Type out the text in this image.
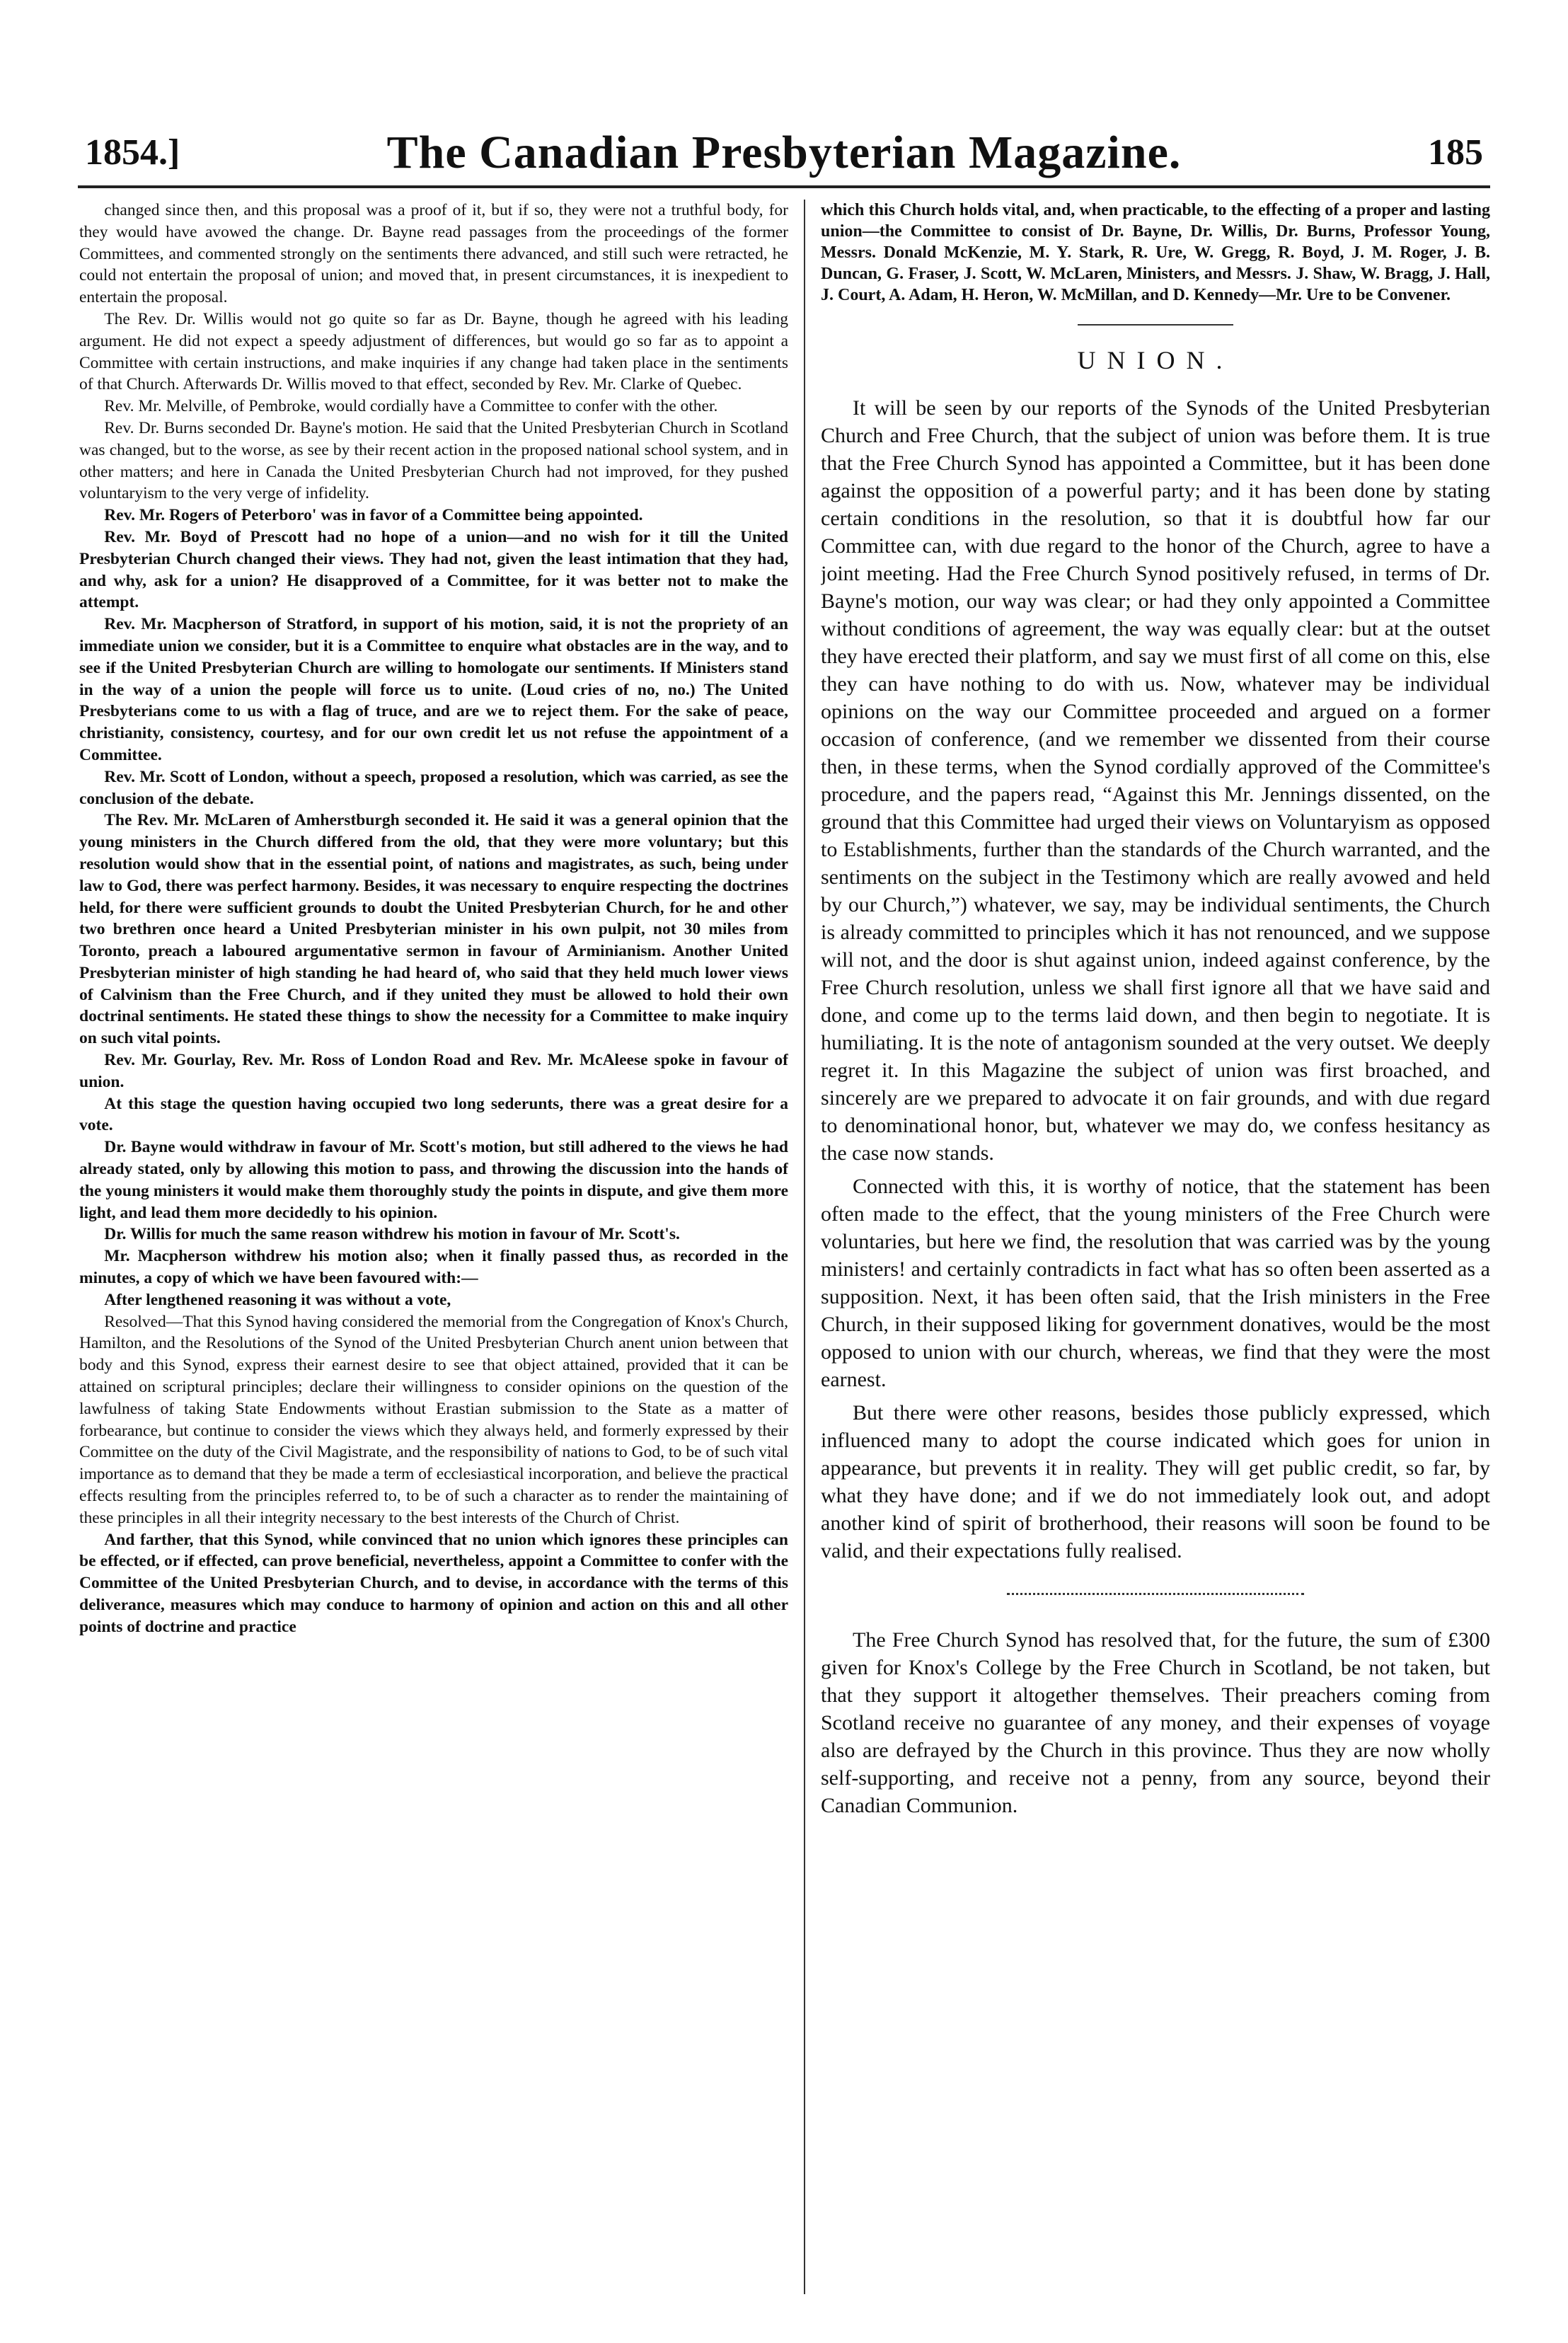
1854.]	The Canadian Presbyterian Magazine.	185

changed since then, and this proposal was a proof of it, but if so, they were not a truthful body, for they would have avowed the change. Dr. Bayne read passages from the proceedings of the former Committees, and commented strongly on the sentiments there advanced, and still such were retracted, he could not entertain the proposal of union; and moved that, in present circumstances, it is inexpedient to entertain the proposal.

The Rev. Dr. Willis would not go quite so far as Dr. Bayne, though he agreed with his leading argument. He did not expect a speedy adjustment of differences, but would go so far as to appoint a Committee with certain instructions, and make inquiries if any change had taken place in the sentiments of that Church. Afterwards Dr. Willis moved to that effect, seconded by Rev. Mr. Clarke of Quebec.

Rev. Mr. Melville, of Pembroke, would cordially have a Committee to confer with the other.

Rev. Dr. Burns seconded Dr. Bayne's motion. He said that the United Presbyterian Church in Scotland was changed, but to the worse, as see by their recent action in the proposed national school system, and in other matters; and here in Canada the United Presbyterian Church had not improved, for they pushed voluntaryism to the very verge of infidelity.

Rev. Mr. Rogers of Peterboro' was in favor of a Committee being appointed.

Rev. Mr. Boyd of Prescott had no hope of a union—and no wish for it till the United Presbyterian Church changed their views. They had not, given the least intimation that they had, and why, ask for a union? He disapproved of a Committee, for it was better not to make the attempt.

Rev. Mr. Macpherson of Stratford, in support of his motion, said, it is not the propriety of an immediate union we consider, but it is a Committee to enquire what obstacles are in the way, and to see if the United Presbyterian Church are willing to homologate our sentiments. If Ministers stand in the way of a union the people will force us to unite. (Loud cries of no, no.) The United Presbyterians come to us with a flag of truce, and are we to reject them. For the sake of peace, christianity, consistency, courtesy, and for our own credit let us not refuse the appointment of a Committee.

Rev. Mr. Scott of London, without a speech, proposed a resolution, which was carried, as see the conclusion of the debate.

The Rev. Mr. McLaren of Amherstburgh seconded it. He said it was a general opinion that the young ministers in the Church differed from the old, that they were more voluntary; but this resolution would show that in the essential point, of nations and magistrates, as such, being under law to God, there was perfect harmony. Besides, it was necessary to enquire respecting the doctrines held, for there were sufficient grounds to doubt the United Presbyterian Church, for he and other two brethren once heard a United Presbyterian minister in his own pulpit, not 30 miles from Toronto, preach a laboured argumentative sermon in favour of Arminianism. Another United Presbyterian minister of high standing he had heard of, who said that they held much lower views of Calvinism than the Free Church, and if they united they must be allowed to hold their own doctrinal sentiments. He stated these things to show the necessity for a Committee to make inquiry on such vital points.

Rev. Mr. Gourlay, Rev. Mr. Ross of London Road and Rev. Mr. McAleese spoke in favour of union.

At this stage the question having occupied two long sederunts, there was a great desire for a vote.

Dr. Bayne would withdraw in favour of Mr. Scott's motion, but still adhered to the views he had already stated, only by allowing this motion to pass, and throwing the discussion into the hands of the young ministers it would make them thoroughly study the points in dispute, and give them more light, and lead them more decidedly to his opinion.

Dr. Willis for much the same reason withdrew his motion in favour of Mr. Scott's.

Mr. Macpherson withdrew his motion also; when it finally passed thus, as recorded in the minutes, a copy of which we have been favoured with:—

After lengthened reasoning it was without a vote,

Resolved—That this Synod having considered the memorial from the Congregation of Knox's Church, Hamilton, and the Resolutions of the Synod of the United Presbyterian Church anent union between that body and this Synod, express their earnest desire to see that object attained, provided that it can be attained on scriptural principles; declare their willingness to consider opinions on the question of the lawfulness of taking State Endowments without Erastian submission to the State as a matter of forbearance, but continue to consider the views which they always held, and formerly expressed by their Committee on the duty of the Civil Magistrate, and the responsibility of nations to God, to be of such vital importance as to demand that they be made a term of ecclesiastical incorporation, and believe the practical effects resulting from the principles referred to, to be of such a character as to render the maintaining of these principles in all their integrity necessary to the best interests of the Church of Christ.

And farther, that this Synod, while convinced that no union which ignores these principles can be effected, or if effected, can prove beneficial, nevertheless, appoint a Committee to confer with the Committee of the United Presbyterian Church, and to devise, in accordance with the terms of this deliverance, measures which may conduce to harmony of opinion and action on this and all other points of doctrine and practice

which this Church holds vital, and, when practicable, to the effecting of a proper and lasting union—the Committee to consist of Dr. Bayne, Dr. Willis, Dr. Burns, Professor Young, Messrs. Donald McKenzie, M. Y. Stark, R. Ure, W. Gregg, R. Boyd, J. M. Roger, J. B. Duncan, G. Fraser, J. Scott, W. McLaren, Ministers, and Messrs. J. Shaw, W. Bragg, J. Hall, J. Court, A. Adam, H. Heron, W. McMillan, and D. Kennedy—Mr. Ure to be Convener.

UNION.

It will be seen by our reports of the Synods of the United Presbyterian Church and Free Church, that the subject of union was before them. It is true that the Free Church Synod has appointed a Committee, but it has been done against the opposition of a powerful party; and it has been done by stating certain conditions in the resolution, so that it is doubtful how far our Committee can, with due regard to the honor of the Church, agree to have a joint meeting. Had the Free Church Synod positively refused, in terms of Dr. Bayne's motion, our way was clear; or had they only appointed a Committee without conditions of agreement, the way was equally clear: but at the outset they have erected their platform, and say we must first of all come on this, else they can have nothing to do with us. Now, whatever may be individual opinions on the way our Committee proceeded and argued on a former occasion of conference, (and we remember we dissented from their course then, in these terms, when the Synod cordially approved of the Committee's procedure, and the papers read, “Against this Mr. Jennings dissented, on the ground that this Committee had urged their views on Voluntaryism as opposed to Establishments, further than the standards of the Church warranted, and the sentiments on the subject in the Testimony which are really avowed and held by our Church,”) whatever, we say, may be individual sentiments, the Church is already committed to principles which it has not renounced, and we suppose will not, and the door is shut against union, indeed against conference, by the Free Church resolution, unless we shall first ignore all that we have said and done, and come up to the terms laid down, and then begin to negotiate. It is humiliating. It is the note of antagonism sounded at the very outset. We deeply regret it. In this Magazine the subject of union was first broached, and sincerely are we prepared to advocate it on fair grounds, and with due regard to denominational honor, but, whatever we may do, we confess hesitancy as the case now stands.

Connected with this, it is worthy of notice, that the statement has been often made to the effect, that the young ministers of the Free Church were voluntaries, but here we find, the resolution that was carried was by the young ministers! and certainly contradicts in fact what has so often been asserted as a supposition. Next, it has been often said, that the Irish ministers in the Free Church, in their supposed liking for government donatives, would be the most opposed to union with our church, whereas, we find that they were the most earnest.

But there were other reasons, besides those publicly expressed, which influenced many to adopt the course indicated which goes for union in appearance, but prevents it in reality. They will get public credit, so far, by what they have done; and if we do not immediately look out, and adopt another kind of spirit of brotherhood, their reasons will soon be found to be valid, and their expectations fully realised.

The Free Church Synod has resolved that, for the future, the sum of £300 given for Knox's College by the Free Church in Scotland, be not taken, but that they support it altogether themselves. Their preachers coming from Scotland receive no guarantee of any money, and their expenses of voyage also are defrayed by the Church in this province. Thus they are now wholly self-supporting, and receive not a penny, from any source, beyond their Canadian Communion.
